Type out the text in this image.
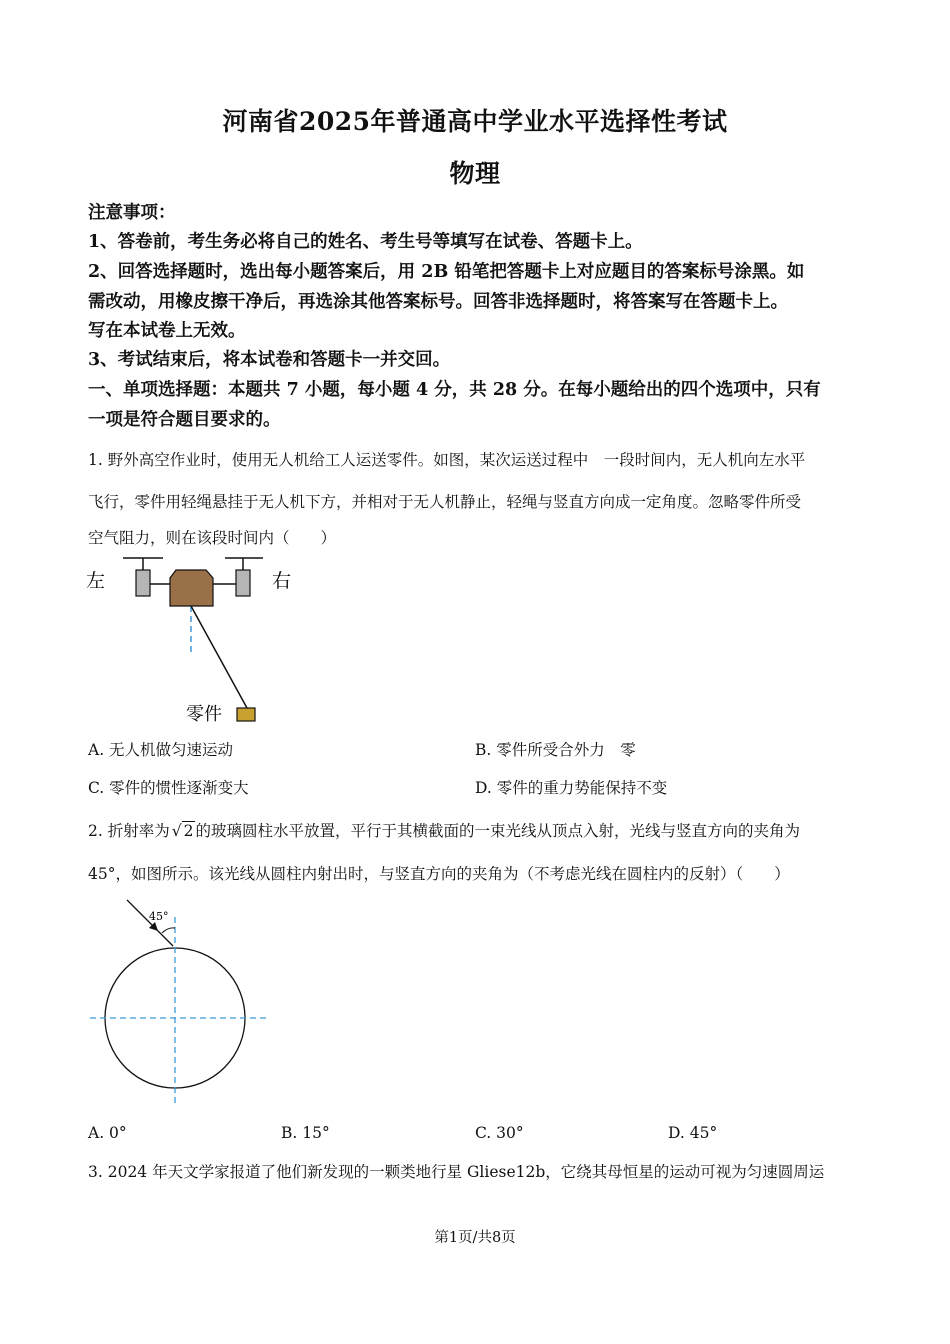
河南省2025年普通高中学业水平选择性考试
物理
注意事项：
1、答卷前，考生务必将自己的姓名、考生号等填写在试卷、答题卡上。
2、回答选择题时，选出每小题答案后，用 2B 铅笔把答题卡上对应题目的答案标号涂黑。如
需改动，用橡皮擦干净后，再选涂其他答案标号。回答非选择题时，将答案写在答题卡上。
写在本试卷上无效。
3、考试结束后，将本试卷和答题卡一并交回。
一、单项选择题：本题共 7 小题，每小题 4 分，共 28 分。在每小题给出的四个选项中，只有
一项是符合题目要求的。
1. 野外高空作业时，使用无人机给工人运送零件。如图，某次运送过程中　一段时间内，无人机向左水平
飞行，零件用轻绳悬挂于无人机下方，并相对于无人机静止，轻绳与竖直方向成一定角度。忽略零件所受
空气阻力，则在该段时间内（　　）
左	右
零件
A. 无人机做匀速运动	B. 零件所受合外力　零
C. 零件的惯性逐渐变大	D. 零件的重力势能保持不变
2. 折射率为 √ 2 的玻璃圆柱水平放置，平行于其横截面的一束光线从顶点入射，光线与竖直方向的夹角为
45°，如图所示。该光线从圆柱内射出时，与竖直方向的夹角为（不考虑光线在圆柱内的反射）（　　）
45°
A. 0°	B. 15°	C. 30°	D. 45°
3. 2024 年天文学家报道了他们新发现的一颗类地行星 Gliese12b，它绕其母恒星的运动可视为匀速圆周运
第1页/共8页
